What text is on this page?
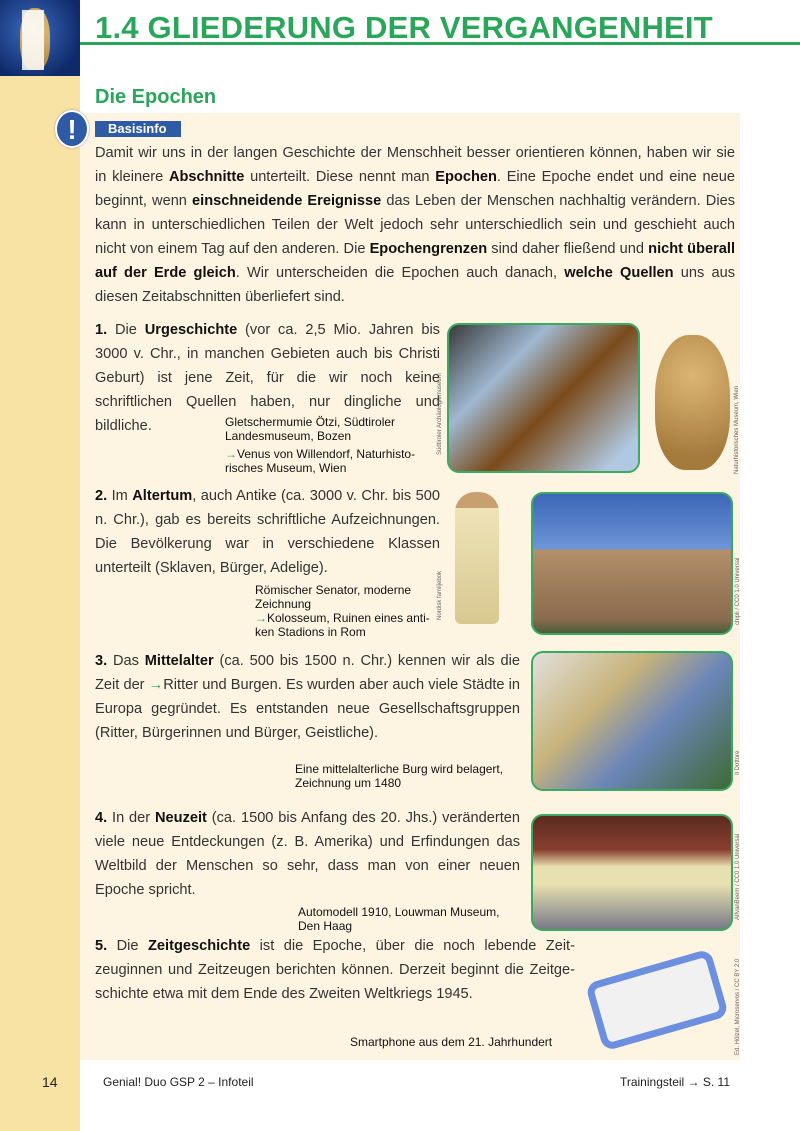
1.4 GLIEDERUNG DER VERGANGENHEIT
Die Epochen
!	Basisinfo
Damit wir uns in der langen Geschichte der Menschheit besser orientieren können, haben wir sie in kleinere Abschnitte unterteilt. Diese nennt man Epochen. Eine Epoche endet und eine neue beginnt, wenn einschneidende Ereignisse das Leben der Menschen nachhaltig verändern. Dies kann in unterschiedlichen Teilen der Welt jedoch sehr unterschiedlich sein und geschieht auch nicht von einem Tag auf den anderen. Die Epochengrenzen sind daher fließend und nicht überall auf der Erde gleich. Wir unterscheiden die Epochen auch danach, welche Quellen uns aus diesen Zeitabschnitten überliefert sind.
1. Die Urgeschichte (vor ca. 2,5 Mio. Jahren bis 3000 v. Chr., in manchen Gebieten auch bis Christi Geburt) ist jene Zeit, für die wir noch keine schriftlichen Quellen haben, nur dingliche und bildliche.
2. Im Altertum, auch Antike (ca. 3000 v. Chr. bis 500 n. Chr.), gab es bereits schriftliche Aufzeichnungen. Die Bevölkerung war in verschiedene Klassen unterteilt (Sklaven, Bürger, Adelige).
3. Das Mittelalter (ca. 500 bis 1500 n. Chr.) kennen wir als die Zeit der →Ritter und Burgen. Es wurden aber auch viele Städte in Europa gegründet. Es entstanden neue Gesellschaftsgruppen (Ritter, Bürgerinnen und Bürger, Geistliche).
4. In der Neuzeit (ca. 1500 bis Anfang des 20. Jhs.) veränderten viele neue Entdeckungen (z. B. Amerika) und Erfindungen das Weltbild der Menschen so sehr, dass man von einer neuen Epoche spricht.
5. Die Zeitgeschichte ist die Epoche, über die noch lebende Zeitzeuginnen und Zeitzeugen berichten können. Derzeit beginnt die Zeitgeschichte etwa mit dem Ende des Zweiten Weltkriegs 1945.
Südtiroler Archäologiemuseum	Naturhistorisches Museum, Wien
Nordisk familjebok	chipli / CC0 1.0 Universal
Il Dottore
AlfvanBeem / CC0 1.0 Universal
Ed. Hölzel, Microservos / CC BY 2.0
Gletschermumie Ötzi, Südtiroler Landesmuseum, Bozen
→Venus von Willendorf, Naturhistorisches Museum, Wien
Römischer Senator, moderne Zeichnung
→Kolosseum, Ruinen eines antiken Stadions in Rom
Eine mittelalterliche Burg wird belagert, Zeichnung um 1480
Automodell 1910, Louwman Museum, Den Haag
Smartphone aus dem 21. Jahrhundert
14	Genial! Duo GSP 2 – Infoteil	Trainingsteil → S. 11
